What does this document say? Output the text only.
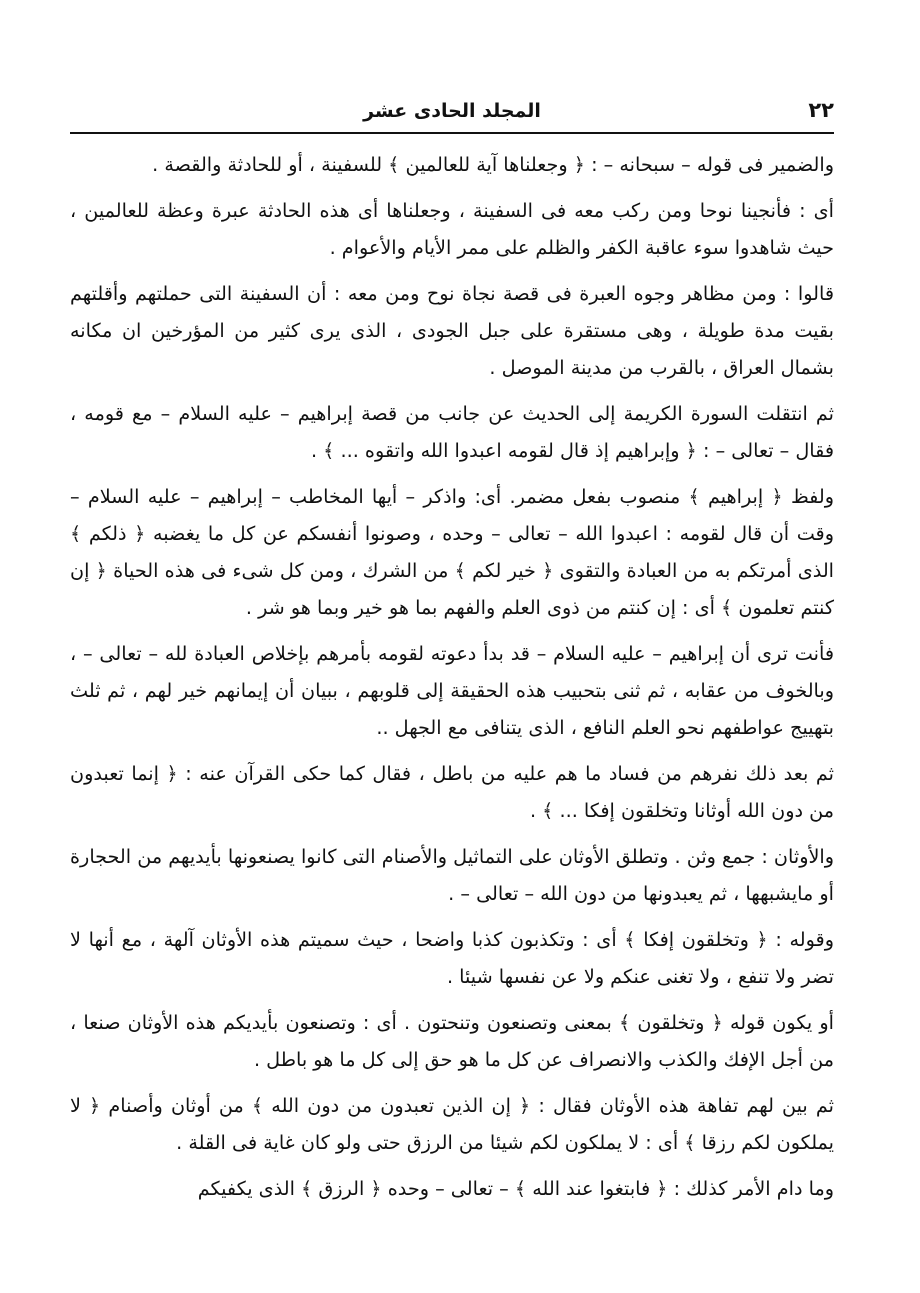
٢٢
المجلد الحادى عشر

والضمير فى قوله – سبحانه – : ﴿ وجعلناها آية للعالمين ﴾ للسفينة ، أو للحادثة والقصة .

أى : فأنجينا نوحا ومن ركب معه فى السفينة ، وجعلناها أى هذه الحادثة عبرة وعظة للعالمين ، حيث شاهدوا سوء عاقبة الكفر والظلم على ممر الأيام والأعوام .

قالوا : ومن مظاهر وجوه العبرة فى قصة نجاة نوح ومن معه : أن السفينة التى حملتهم وأقلتهم بقيت مدة طويلة ، وهى مستقرة على جبل الجودى ، الذى يرى كثير من المؤرخين ان مكانه بشمال العراق ، بالقرب من مدينة الموصل .

ثم انتقلت السورة الكريمة إلى الحديث عن جانب من قصة إبراهيم – عليه السلام – مع قومه ، فقال – تعالى – : ﴿ وإبراهيم إذ قال لقومه اعبدوا الله واتقوه ... ﴾ .

ولفظ ﴿ إبراهيم ﴾ منصوب بفعل مضمر. أى: واذكر – أيها المخاطب – إبراهيم – عليه السلام – وقت أن قال لقومه : اعبدوا الله – تعالى – وحده ، وصونوا أنفسكم عن كل ما يغضبه ﴿ ذلكم ﴾ الذى أمرتكم به من العبادة والتقوى ﴿ خير لكم ﴾ من الشرك ، ومن كل شىء فى هذه الحياة ﴿ إن كنتم تعلمون ﴾ أى : إن كنتم من ذوى العلم والفهم بما هو خير وبما هو شر .

فأنت ترى أن إبراهيم – عليه السلام – قد بدأ دعوته لقومه بأمرهم بإخلاص العبادة لله – تعالى – ، وبالخوف من عقابه ، ثم ثنى بتحبيب هذه الحقيقة إلى قلوبهم ، ببيان أن إيمانهم خير لهم ، ثم ثلث بتهييج عواطفهم نحو العلم النافع ، الذى يتنافى مع الجهل ..

ثم بعد ذلك نفرهم من فساد ما هم عليه من باطل ، فقال كما حكى القرآن عنه : ﴿ إنما تعبدون من دون الله أوثانا وتخلقون إفكا ... ﴾ .

والأوثان : جمع وثن . وتطلق الأوثان على التماثيل والأصنام التى كانوا يصنعونها بأيديهم من الحجارة أو مايشبهها ، ثم يعبدونها من دون الله – تعالى – .

وقوله : ﴿ وتخلقون إفكا ﴾ أى : وتكذبون كذبا واضحا ، حيث سميتم هذه الأوثان آلهة ، مع أنها لا تضر ولا تنفع ، ولا تغنى عنكم ولا عن نفسها شيئا .

أو يكون قوله ﴿ وتخلقون ﴾ بمعنى وتصنعون وتنحتون . أى : وتصنعون بأيديكم هذه الأوثان صنعا ، من أجل الإفك والكذب والانصراف عن كل ما هو حق إلى كل ما هو باطل .

ثم بين لهم تفاهة هذه الأوثان فقال : ﴿ إن الذين تعبدون من دون الله ﴾ من أوثان وأصنام ﴿ لا يملكون لكم رزقا ﴾ أى : لا يملكون لكم شيئا من الرزق حتى ولو كان غاية فى القلة .

وما دام الأمر كذلك : ﴿ فابتغوا عند الله ﴾ – تعالى – وحده ﴿ الرزق ﴾ الذى يكفيكم
